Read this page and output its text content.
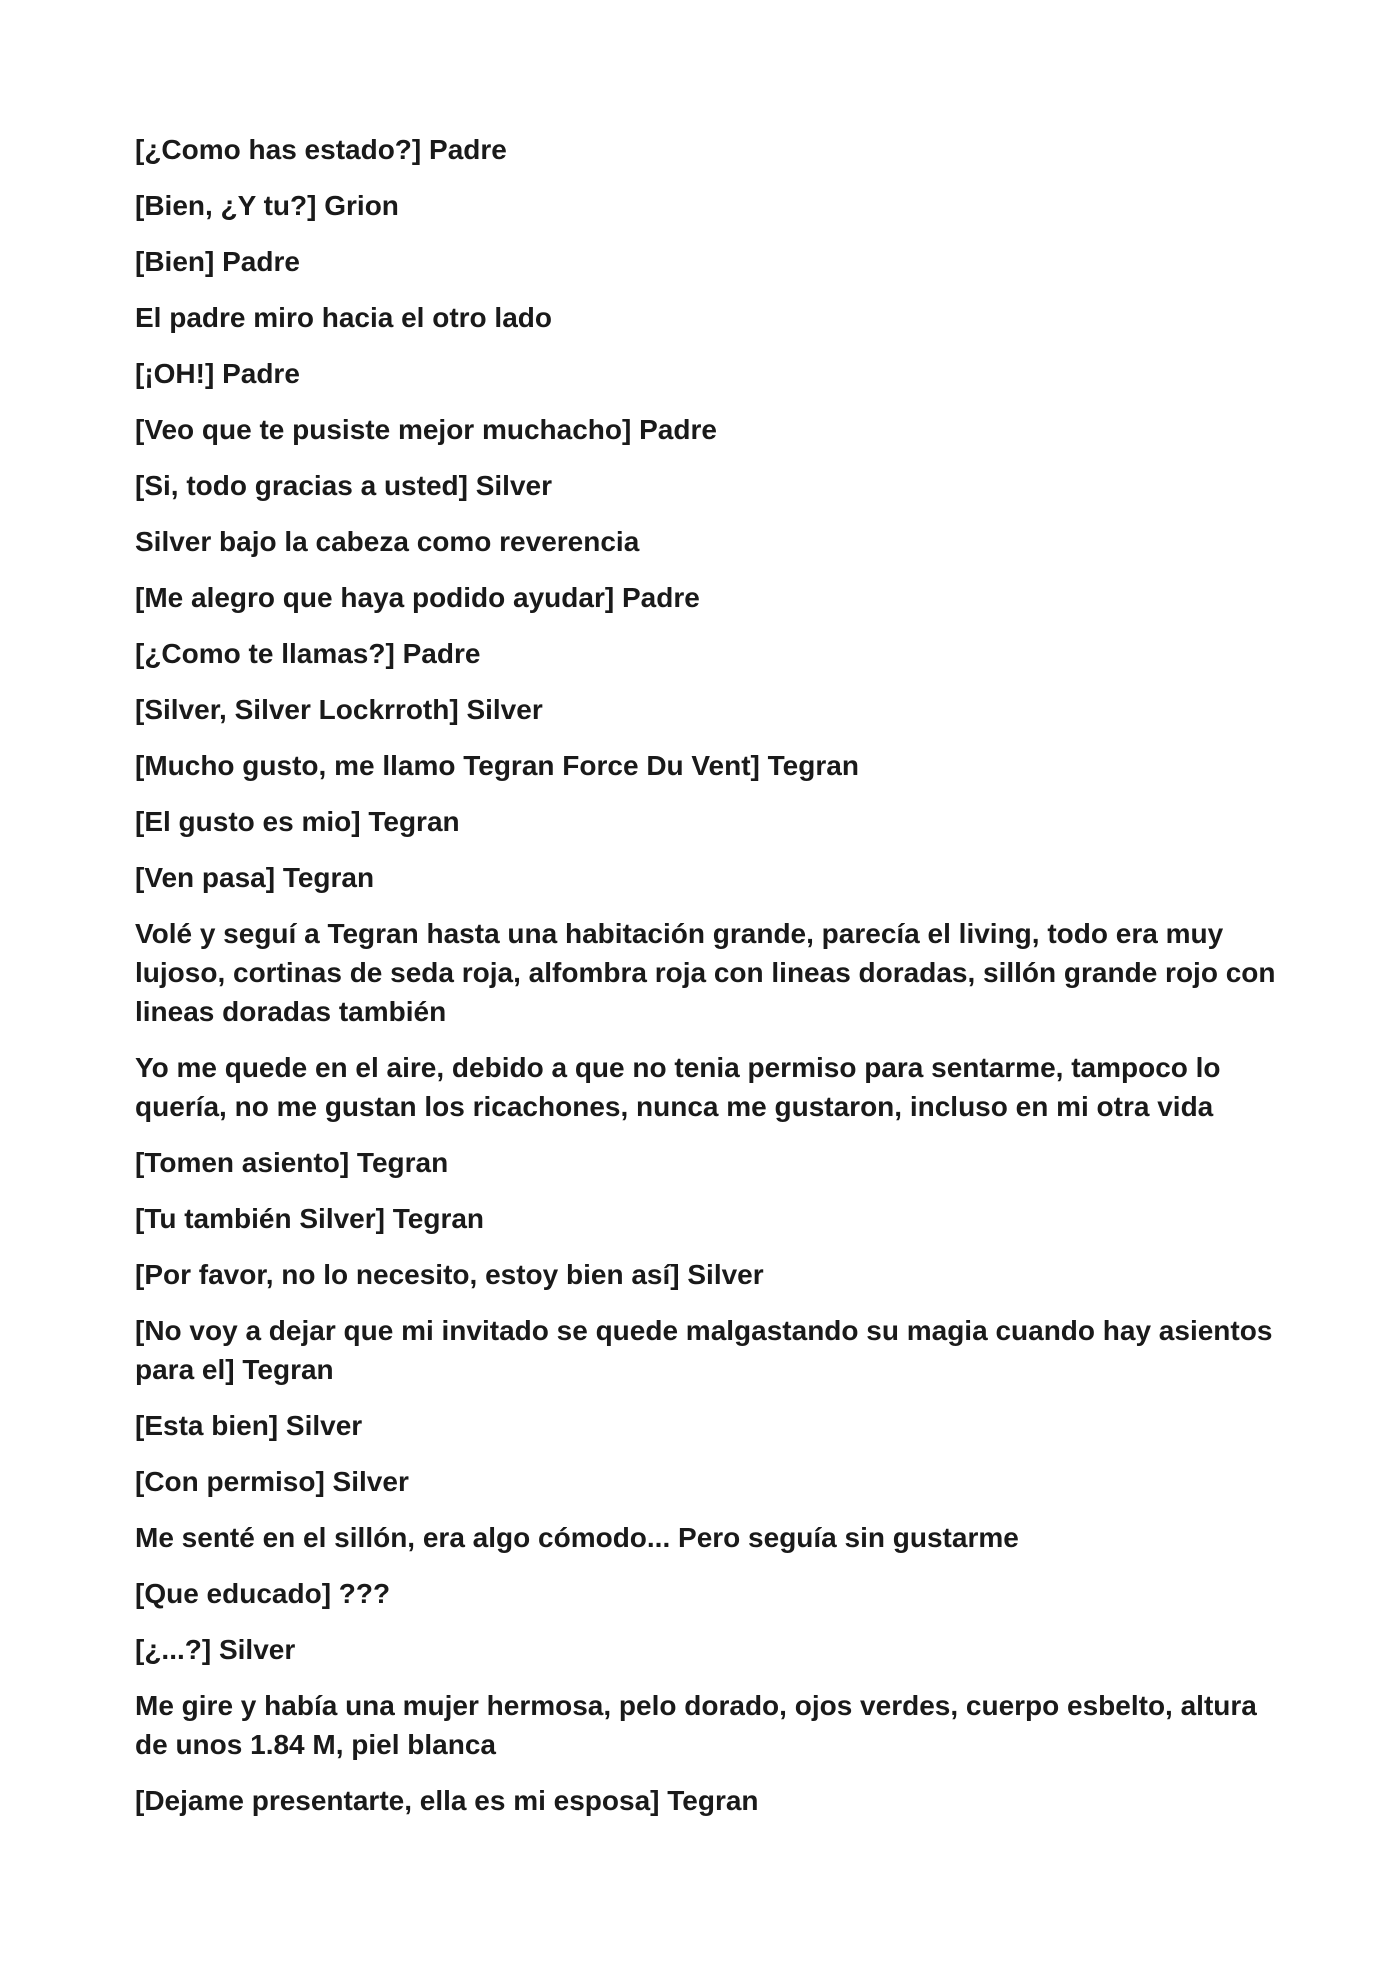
[¿Como has estado?] Padre

[Bien, ¿Y tu?] Grion

[Bien] Padre

El padre miro hacia el otro lado

[¡OH!] Padre

[Veo que te pusiste mejor muchacho] Padre

[Si, todo gracias a usted] Silver

Silver bajo la cabeza como reverencia

[Me alegro que haya podido ayudar] Padre

[¿Como te llamas?] Padre

[Silver, Silver Lockrroth] Silver

[Mucho gusto, me llamo Tegran Force Du Vent] Tegran

[El gusto es mio] Tegran

[Ven pasa] Tegran

Volé y seguí a Tegran hasta una habitación grande, parecía el living, todo era muy lujoso, cortinas de seda roja, alfombra roja con lineas doradas, sillón grande rojo con lineas doradas también

Yo me quede en el aire, debido a que no tenia permiso para sentarme, tampoco lo quería, no me gustan los ricachones, nunca me gustaron, incluso en mi otra vida

[Tomen asiento] Tegran

[Tu también Silver] Tegran

[Por favor, no lo necesito, estoy bien así] Silver

[No voy a dejar que mi invitado se quede malgastando su magia cuando hay asientos para el] Tegran

[Esta bien] Silver

[Con permiso] Silver

Me senté en el sillón, era algo cómodo... Pero seguía sin gustarme

[Que educado] ???

[¿...?] Silver

Me gire y había una mujer hermosa, pelo dorado, ojos verdes, cuerpo esbelto, altura de unos 1.84 M, piel blanca

[Dejame presentarte, ella es mi esposa] Tegran
